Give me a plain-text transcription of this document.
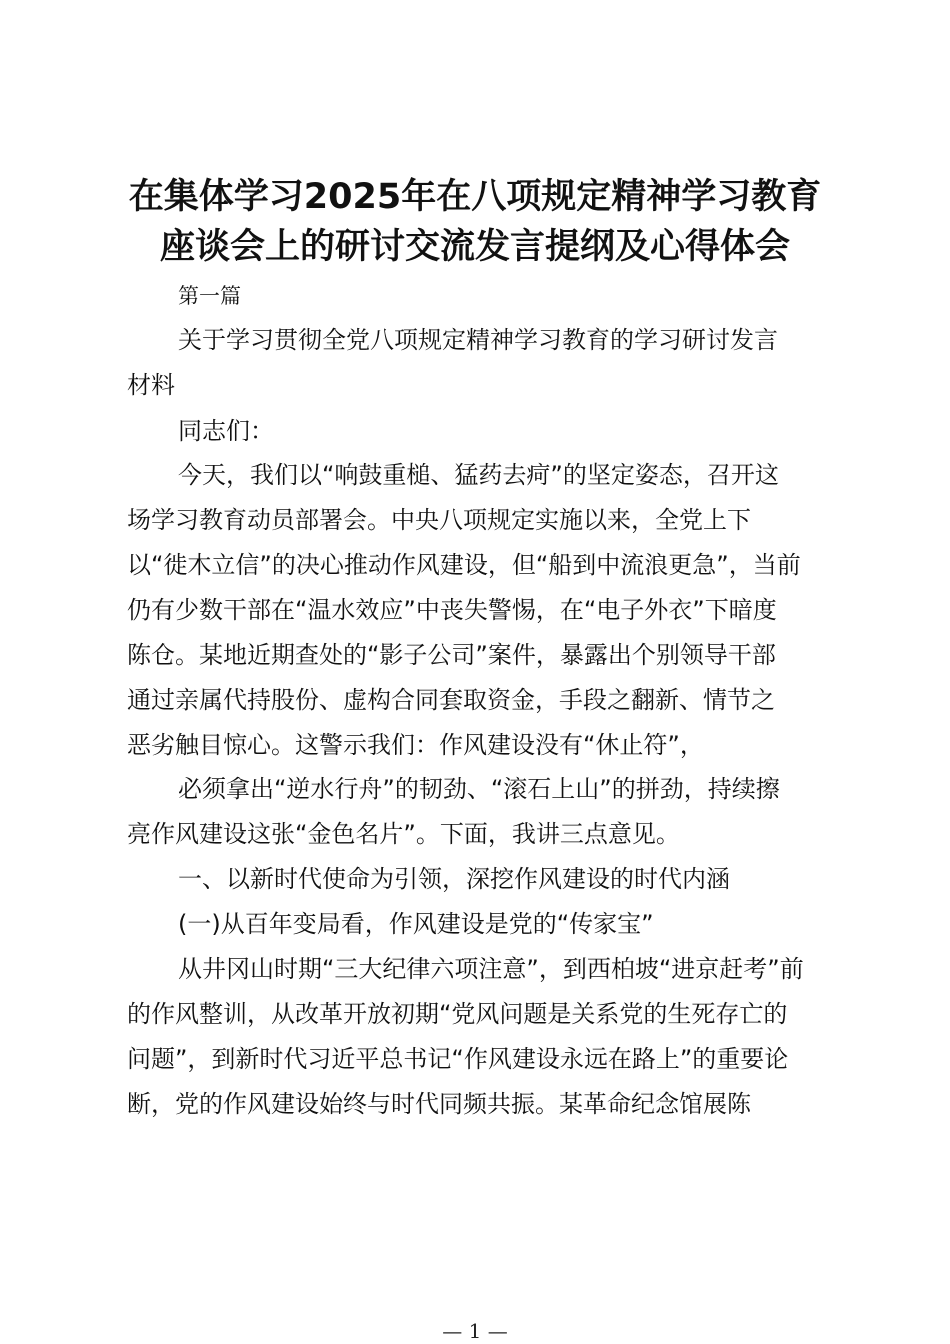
在集体学习2025年在八项规定精神学习教育
座谈会上的研讨交流发言提纲及心得体会

第一篇

关于学习贯彻全党八项规定精神学习教育的学习研讨发言

材料

同志们：

今天，我们以“响鼓重槌、猛药去疴”的坚定姿态，召开这

场学习教育动员部署会。中央八项规定实施以来，全党上下

以“徙木立信”的决心推动作风建设，但“船到中流浪更急”，当前

仍有少数干部在“温水效应”中丧失警惕，在“电子外衣”下暗度

陈仓。某地近期查处的“影子公司”案件，暴露出个别领导干部

通过亲属代持股份、虚构合同套取资金，手段之翻新、情节之

恶劣触目惊心。这警示我们：作风建设没有“休止符”，

必须拿出“逆水行舟”的韧劲、“滚石上山”的拼劲，持续擦

亮作风建设这张“金色名片”。下面，我讲三点意见。

一、以新时代使命为引领，深挖作风建设的时代内涵

(一)从百年变局看，作风建设是党的“传家宝”

从井冈山时期“三大纪律六项注意”，到西柏坡“进京赶考”前

的作风整训，从改革开放初期“党风问题是关系党的生死存亡的

问题”，到新时代习近平总书记“作风建设永远在路上”的重要论

断，党的作风建设始终与时代同频共振。某革命纪念馆展陈

— 1 —
